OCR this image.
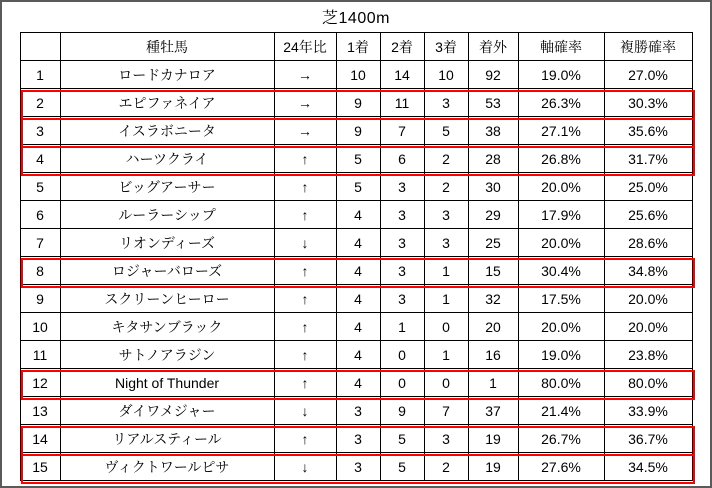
芝1400m
	種牡馬	24年比	1着	2着	3着	着外	軸確率	複勝確率
1	ロードカナロア	→	10	14	10	92	19.0%	27.0%
2	エピファネイア	→	9	11	3	53	26.3%	30.3%
3	イスラボニータ	→	9	7	5	38	27.1%	35.6%
4	ハーツクライ	↑	5	6	2	28	26.8%	31.7%
5	ビッグアーサー	↑	5	3	2	30	20.0%	25.0%
6	ルーラーシップ	↑	4	3	3	29	17.9%	25.6%
7	リオンディーズ	↓	4	3	3	25	20.0%	28.6%
8	ロジャーバローズ	↑	4	3	1	15	30.4%	34.8%
9	スクリーンヒーロー	↑	4	3	1	32	17.5%	20.0%
10	キタサンブラック	↑	4	1	0	20	20.0%	20.0%
11	サトノアラジン	↑	4	0	1	16	19.0%	23.8%
12	Night of Thunder	↑	4	0	0	1	80.0%	80.0%
13	ダイワメジャー	↓	3	9	7	37	21.4%	33.9%
14	リアルスティール	↑	3	5	3	19	26.7%	36.7%
15	ヴィクトワールピサ	↓	3	5	2	19	27.6%	34.5%
